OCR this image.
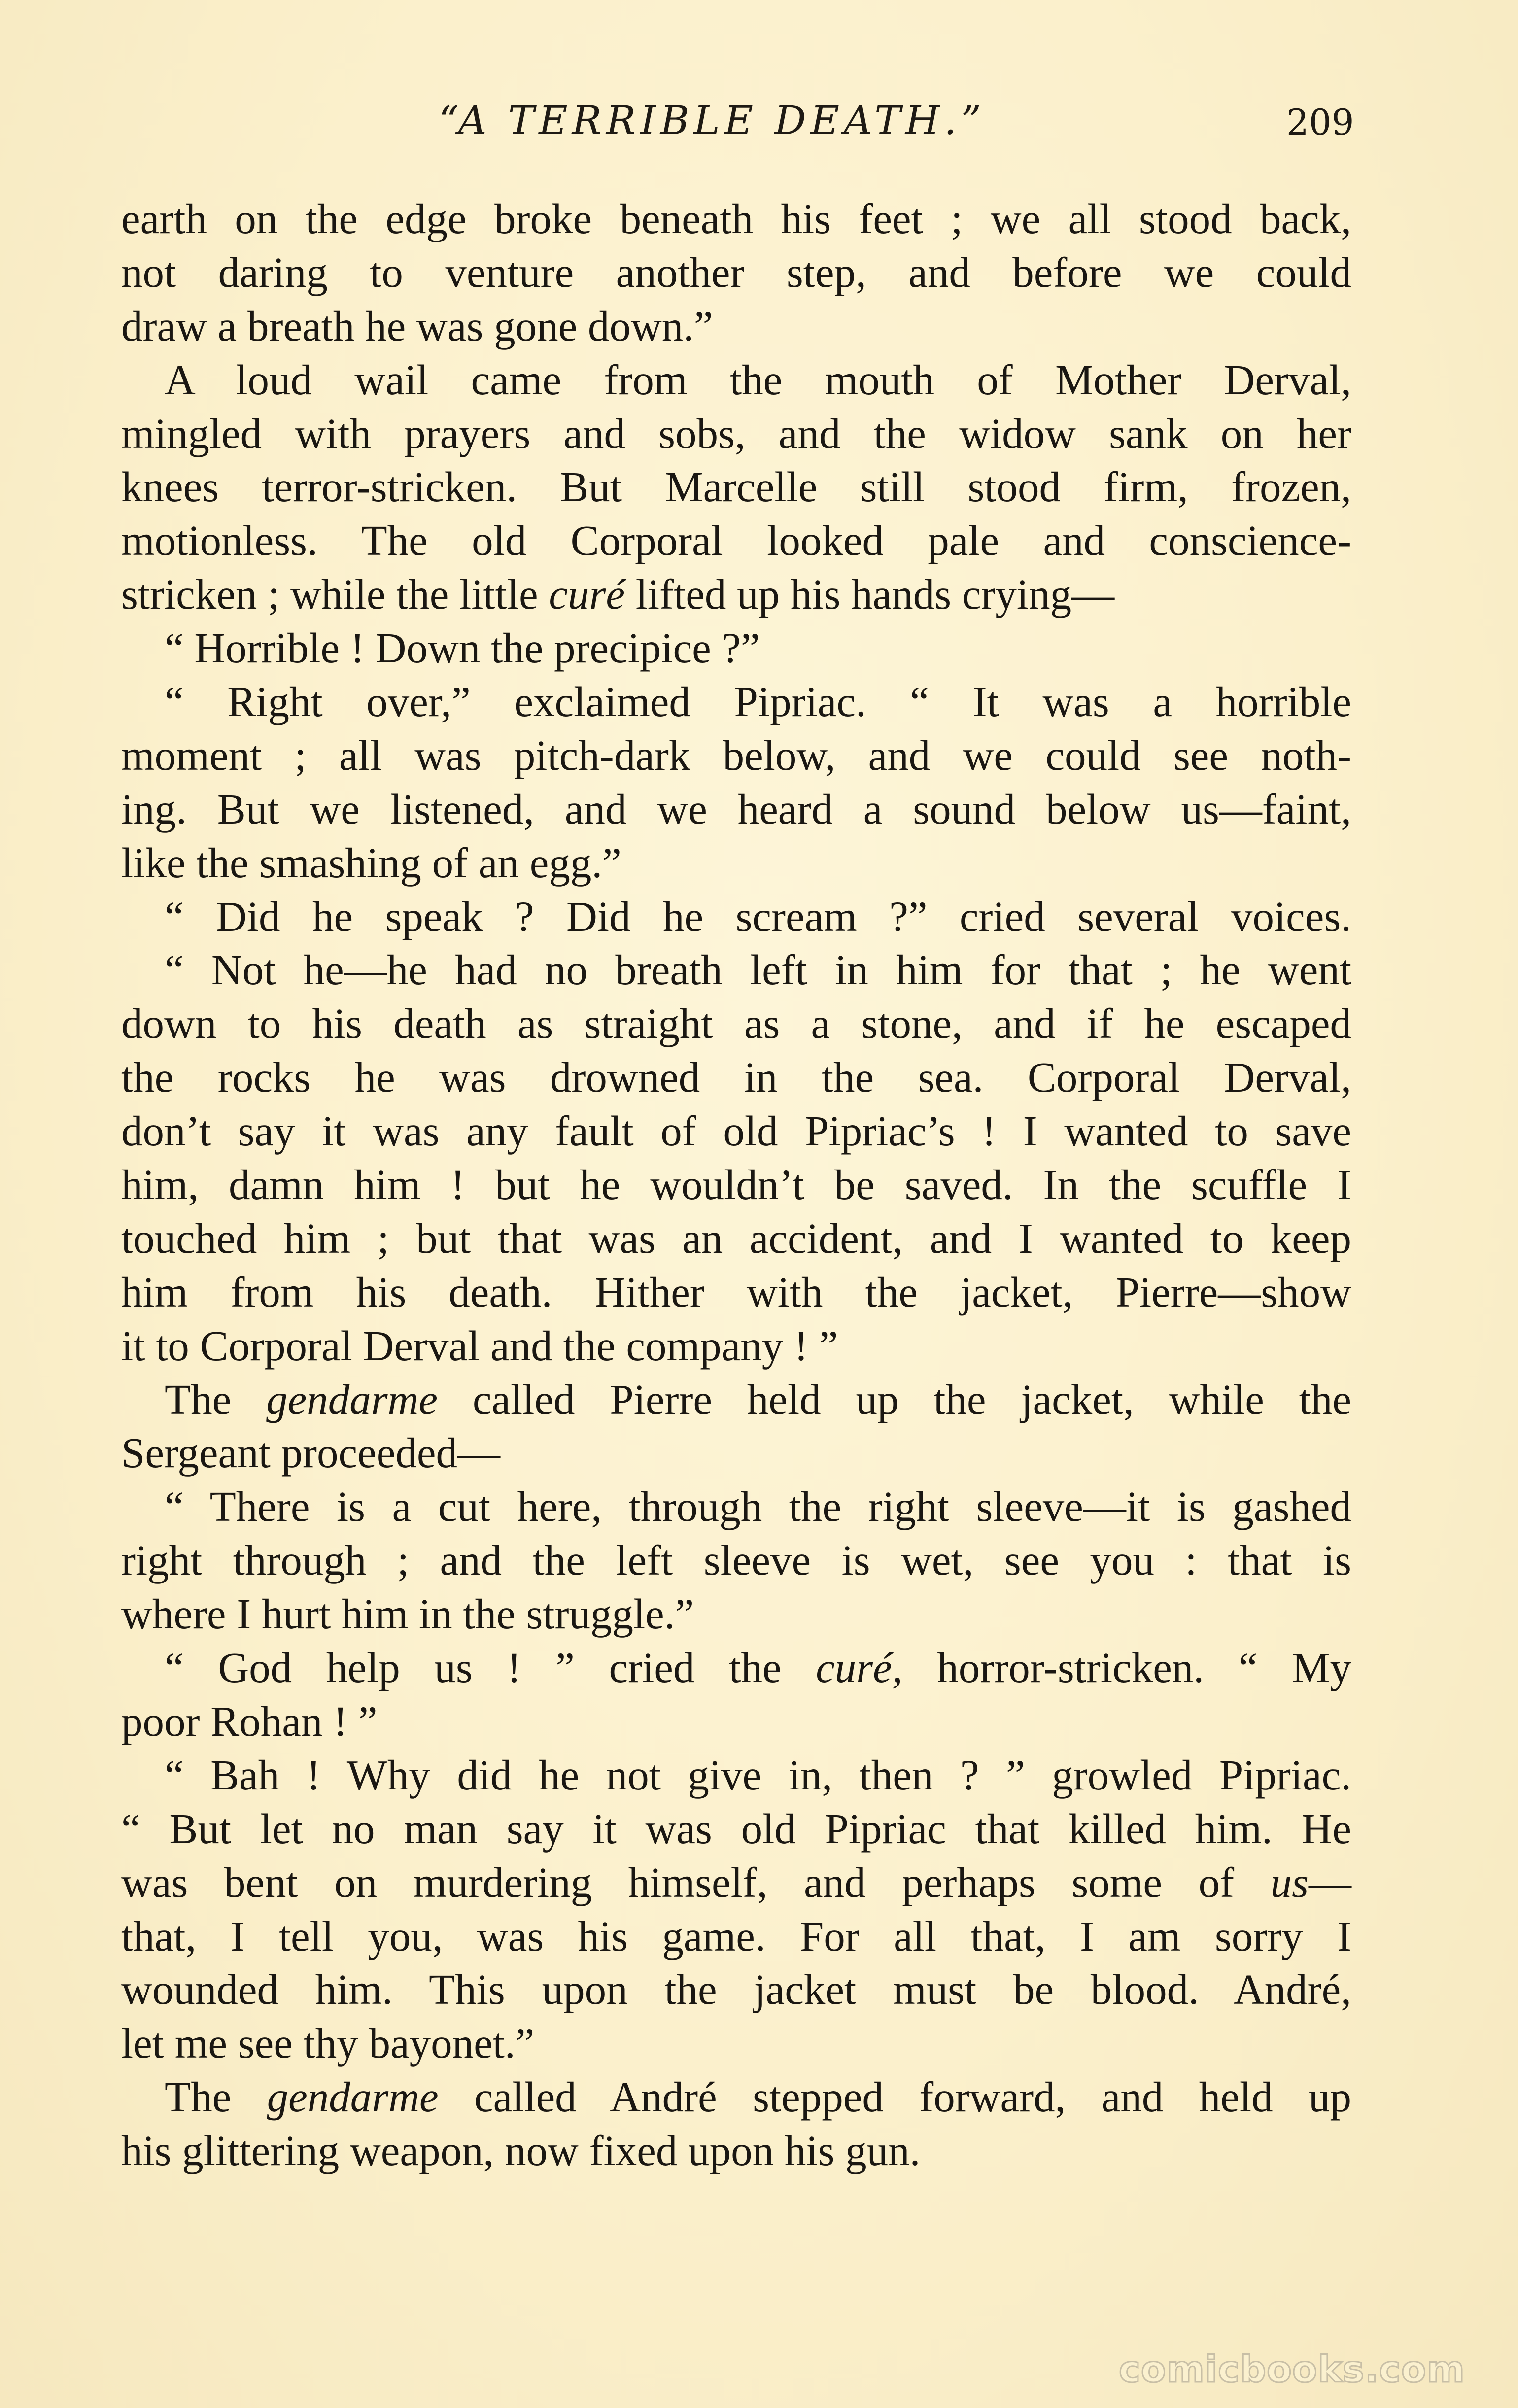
“A TERRIBLE DEATH.”	209
earth on the edge broke beneath his feet ; we all stood back,
not daring to venture another step, and before we could
draw a breath he was gone down.”
A loud wail came from the mouth of Mother Derval,
mingled with prayers and sobs, and the widow sank on her
knees terror-stricken. But Marcelle still stood firm, frozen,
motionless. The old Corporal looked pale and conscience-
stricken ; while the little curé lifted up his hands crying—
“ Horrible ! Down the precipice ?”
“ Right over,” exclaimed Pipriac. “ It was a horrible
moment ; all was pitch-dark below, and we could see noth-
ing. But we listened, and we heard a sound below us—faint,
like the smashing of an egg.”
“ Did he speak ? Did he scream ?” cried several voices.
“ Not he—he had no breath left in him for that ; he went
down to his death as straight as a stone, and if he escaped
the rocks he was drowned in the sea. Corporal Derval,
don’t say it was any fault of old Pipriac’s ! I wanted to save
him, damn him ! but he wouldn’t be saved. In the scuffle I
touched him ; but that was an accident, and I wanted to keep
him from his death. Hither with the jacket, Pierre—show
it to Corporal Derval and the company ! ”
The gendarme called Pierre held up the jacket, while the
Sergeant proceeded—
“ There is a cut here, through the right sleeve—it is gashed
right through ; and the left sleeve is wet, see you : that is
where I hurt him in the struggle.”
“ God help us ! ” cried the curé, horror-stricken. “ My
poor Rohan ! ”
“ Bah ! Why did he not give in, then ? ” growled Pipriac.
“ But let no man say it was old Pipriac that killed him. He
was bent on murdering himself, and perhaps some of us—
that, I tell you, was his game. For all that, I am sorry I
wounded him. This upon the jacket must be blood. André,
let me see thy bayonet.”
The gendarme called André stepped forward, and held up
his glittering weapon, now fixed upon his gun.
comicbooks.com
